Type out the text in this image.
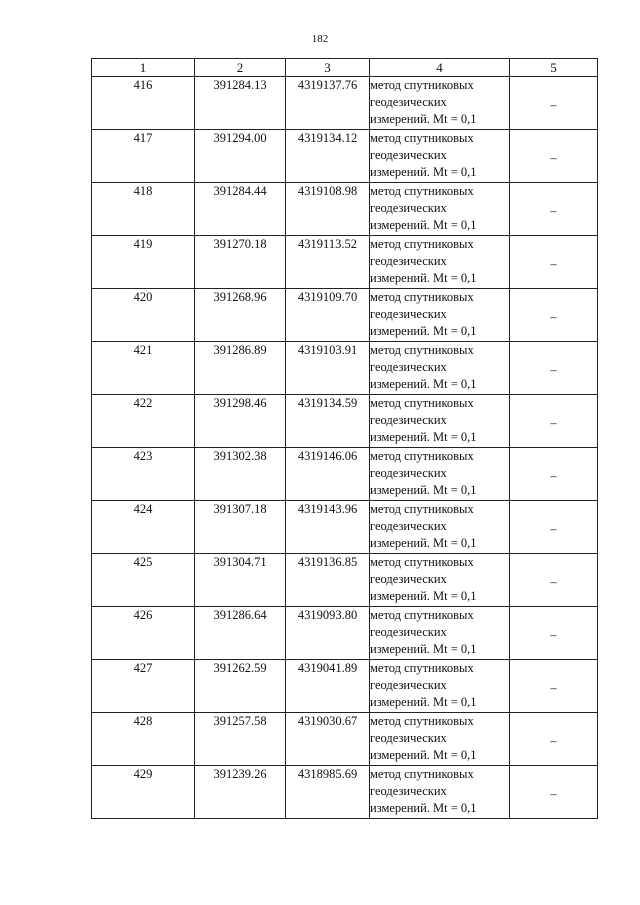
182
1	2	3	4	5
416	391284.13	4319137.76	метод спутниковых
геодезических
измерений. Mt = 0,1	–
417	391294.00	4319134.12	метод спутниковых
геодезических
измерений. Mt = 0,1	–
418	391284.44	4319108.98	метод спутниковых
геодезических
измерений. Mt = 0,1	–
419	391270.18	4319113.52	метод спутниковых
геодезических
измерений. Mt = 0,1	–
420	391268.96	4319109.70	метод спутниковых
геодезических
измерений. Mt = 0,1	–
421	391286.89	4319103.91	метод спутниковых
геодезических
измерений. Mt = 0,1	–
422	391298.46	4319134.59	метод спутниковых
геодезических
измерений. Mt = 0,1	–
423	391302.38	4319146.06	метод спутниковых
геодезических
измерений. Mt = 0,1	–
424	391307.18	4319143.96	метод спутниковых
геодезических
измерений. Mt = 0,1	–
425	391304.71	4319136.85	метод спутниковых
геодезических
измерений. Mt = 0,1	–
426	391286.64	4319093.80	метод спутниковых
геодезических
измерений. Mt = 0,1	–
427	391262.59	4319041.89	метод спутниковых
геодезических
измерений. Mt = 0,1	–
428	391257.58	4319030.67	метод спутниковых
геодезических
измерений. Mt = 0,1	–
429	391239.26	4318985.69	метод спутниковых
геодезических
измерений. Mt = 0,1	–
